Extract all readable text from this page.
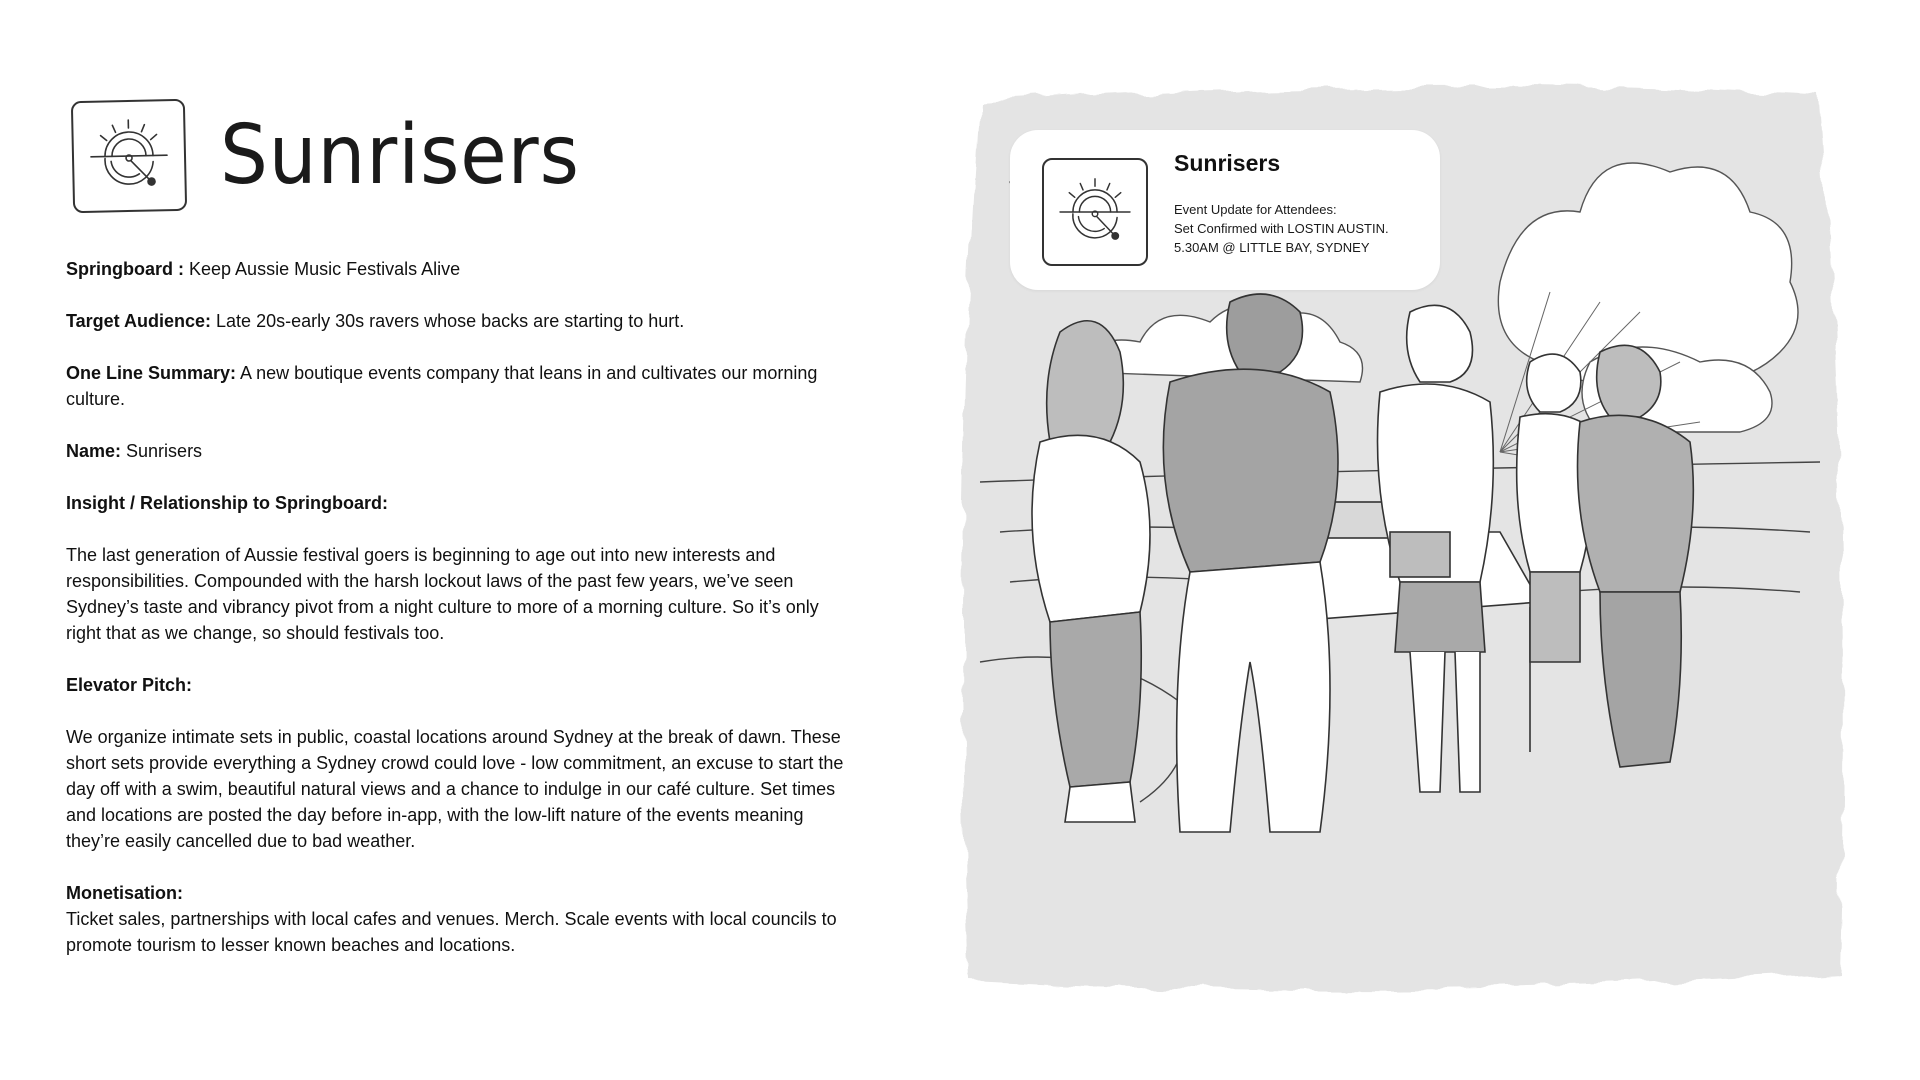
Sunrisers

Springboard : Keep Aussie Music Festivals Alive

Target Audience: Late 20s-early 30s ravers whose backs are starting to hurt.

One Line Summary: A new boutique events company that leans in and cultivates our morning culture.

Name: Sunrisers

Insight / Relationship to Springboard:

The last generation of Aussie festival goers is beginning to age out into new interests and responsibilities. Compounded with the harsh lockout laws of the past few years, we’ve seen Sydney’s taste and vibrancy pivot from a night culture to more of a morning culture. So it’s only right that as we change, so should festivals too.

Elevator Pitch:

We organize intimate sets in public, coastal locations around Sydney at the break of dawn. These short sets provide everything a Sydney crowd could love - low commitment, an excuse to start the day off with a swim, beautiful natural views and a chance to indulge in our café culture. Set times and locations are posted the day before in-app, with the low-lift nature of the events meaning they’re easily cancelled due to bad weather.

Monetisation:

Ticket sales, partnerships with local cafes and venues. Merch. Scale events with local councils to promote tourism to lesser known beaches and locations.

Sunrisers
Event Update for Attendees:
Set Confirmed with LOSTIN AUSTIN.
5.30AM @ LITTLE BAY, SYDNEY
